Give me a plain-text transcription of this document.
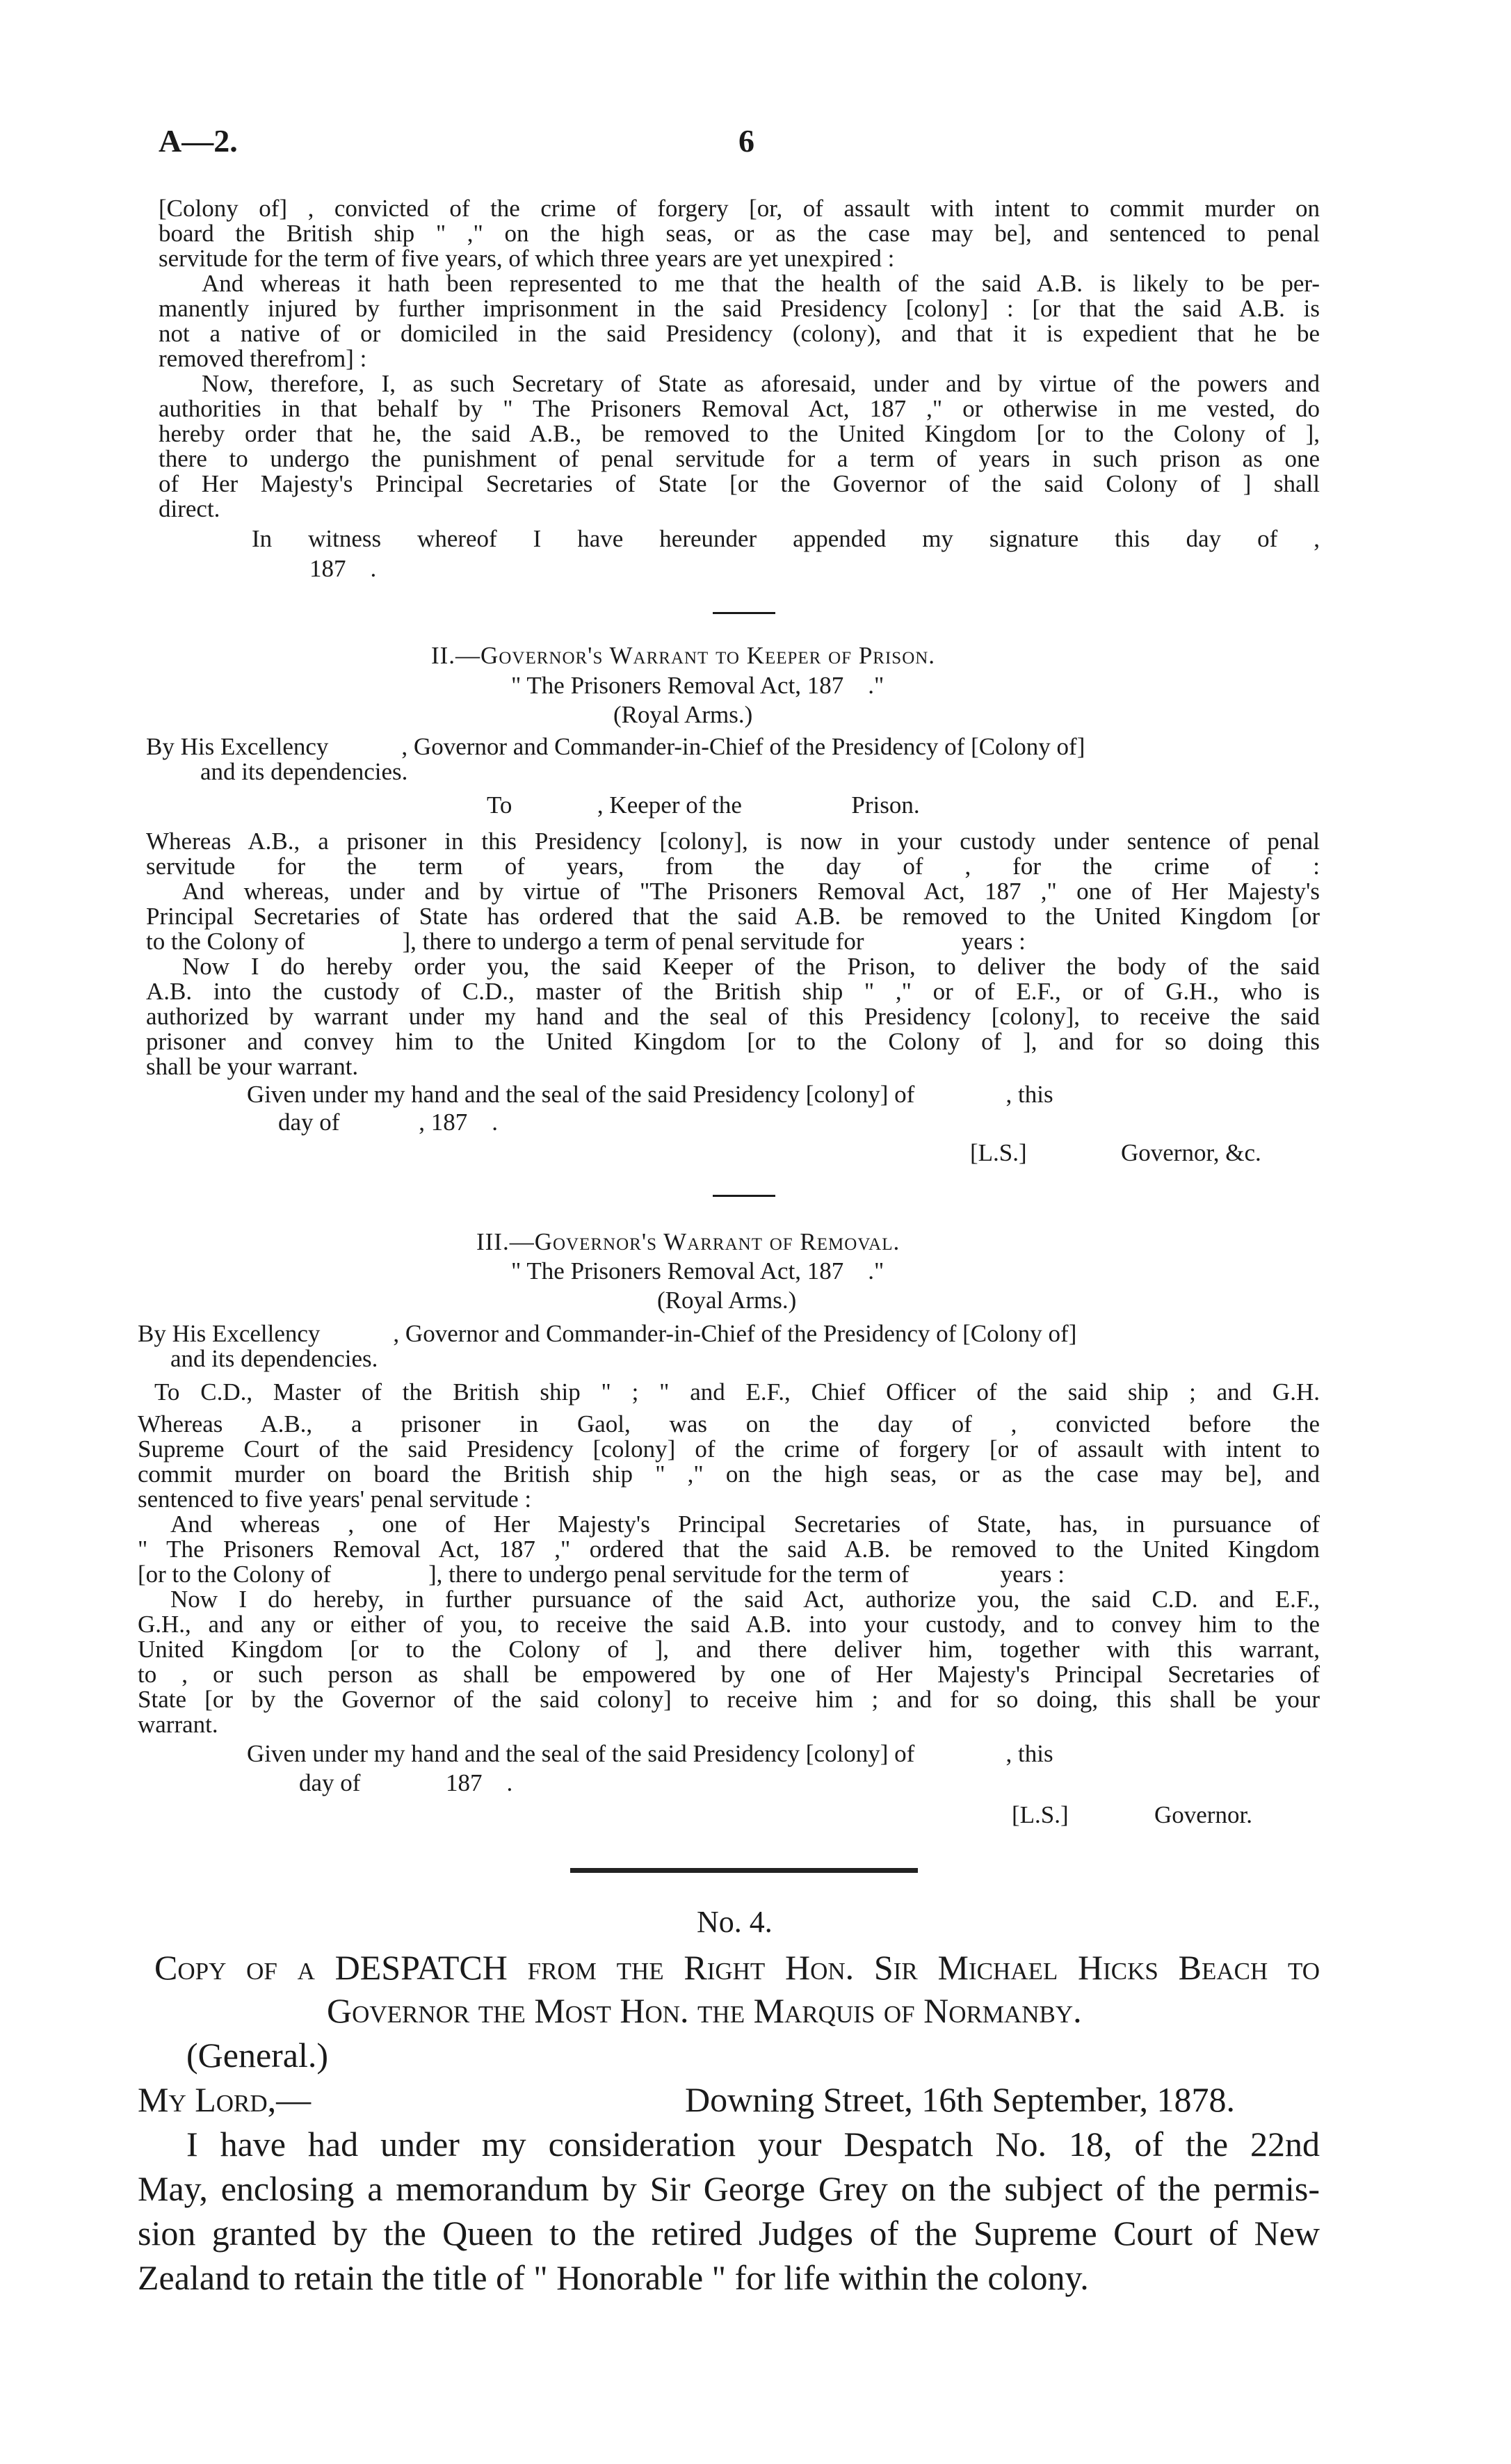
A—2.	6
[Colony of] , convicted of the crime of forgery [or, of assault with intent to commit murder on
board the British ship " ," on the high seas, or as the case may be], and sentenced to penal
servitude for the term of five years, of which three years are yet unexpired :
And whereas it hath been represented to me that the health of the said A.B. is likely to be per-
manently injured by further imprisonment in the said Presidency [colony] : [or that the said A.B. is
not a native of or domiciled in the said Presidency (colony), and that it is expedient that he be
removed therefrom] :
Now, therefore, I, as such Secretary of State as aforesaid, under and by virtue of the powers and
authorities in that behalf by " The Prisoners Removal Act, 187 ," or otherwise in me vested, do
hereby order that he, the said A.B., be removed to the United Kingdom [or to the Colony of ],
there to undergo the punishment of penal servitude for a term of years in such prison as one
of Her Majesty's Principal Secretaries of State [or the Governor of the said Colony of ] shall
direct.
In witness whereof I have hereunder appended my signature this day of ,
187    .
II.—Governor's Warrant to Keeper of Prison.
" The Prisoners Removal Act, 187    ."
(Royal Arms.)
By His Excellency            , Governor and Commander-in-Chief of the Presidency of [Colony of]
and its dependencies.
To              , Keeper of the                  Prison.
Whereas A.B., a prisoner in this Presidency [colony], is now in your custody under sentence of penal
servitude for the term of years, from the day of , for the crime of :
And whereas, under and by virtue of "The Prisoners Removal Act, 187 ," one of Her Majesty's
Principal Secretaries of State has ordered that the said A.B. be removed to the United Kingdom [or
to the Colony of                ], there to undergo a term of penal servitude for                years :
Now I do hereby order you, the said Keeper of the Prison, to deliver the body of the said
A.B. into the custody of C.D., master of the British ship " ," or of E.F., or of G.H., who is
authorized by warrant under my hand and the seal of this Presidency [colony], to receive the said
prisoner and convey him to the United Kingdom [or to the Colony of ], and for so doing this
shall be your warrant.
Given under my hand and the seal of the said Presidency [colony] of               , this
day of             , 187    .
[L.S.]	Governor, &c.
III.—Governor's Warrant of Removal.
" The Prisoners Removal Act, 187    ."
(Royal Arms.)
By His Excellency            , Governor and Commander-in-Chief of the Presidency of [Colony of]
and its dependencies.
To C.D., Master of the British ship " ; " and E.F., Chief Officer of the said ship ; and G.H.
Whereas A.B., a prisoner in Gaol, was on the day of , convicted before the
Supreme Court of the said Presidency [colony] of the crime of forgery [or of assault with intent to
commit murder on board the British ship " ," on the high seas, or as the case may be], and
sentenced to five years' penal servitude :
And whereas , one of Her Majesty's Principal Secretaries of State, has, in pursuance of
" The Prisoners Removal Act, 187 ," ordered that the said A.B. be removed to the United Kingdom
[or to the Colony of                ], there to undergo penal servitude for the term of               years :
Now I do hereby, in further pursuance of the said Act, authorize you, the said C.D. and E.F.,
G.H., and any or either of you, to receive the said A.B. into your custody, and to convey him to the
United Kingdom [or to the Colony of ], and there deliver him, together with this warrant,
to , or such person as shall be empowered by one of Her Majesty's Principal Secretaries of
State [or by the Governor of the said colony] to receive him ; and for so doing, this shall be your
warrant.
Given under my hand and the seal of the said Presidency [colony] of               , this
day of              187    .
[L.S.]	Governor.
No. 4.
Copy of a DESPATCH from the Right Hon. Sir Michael Hicks Beach to
Governor the Most Hon. the Marquis of Normanby.
(General.)
My Lord,—	Downing Street, 16th September, 1878.
I have had under my consideration your Despatch No. 18, of the 22nd
May, enclosing a memorandum by Sir George Grey on the subject of the permis-
sion granted by the Queen to the retired Judges of the Supreme Court of New
Zealand to retain the title of " Honorable " for life within the colony.
